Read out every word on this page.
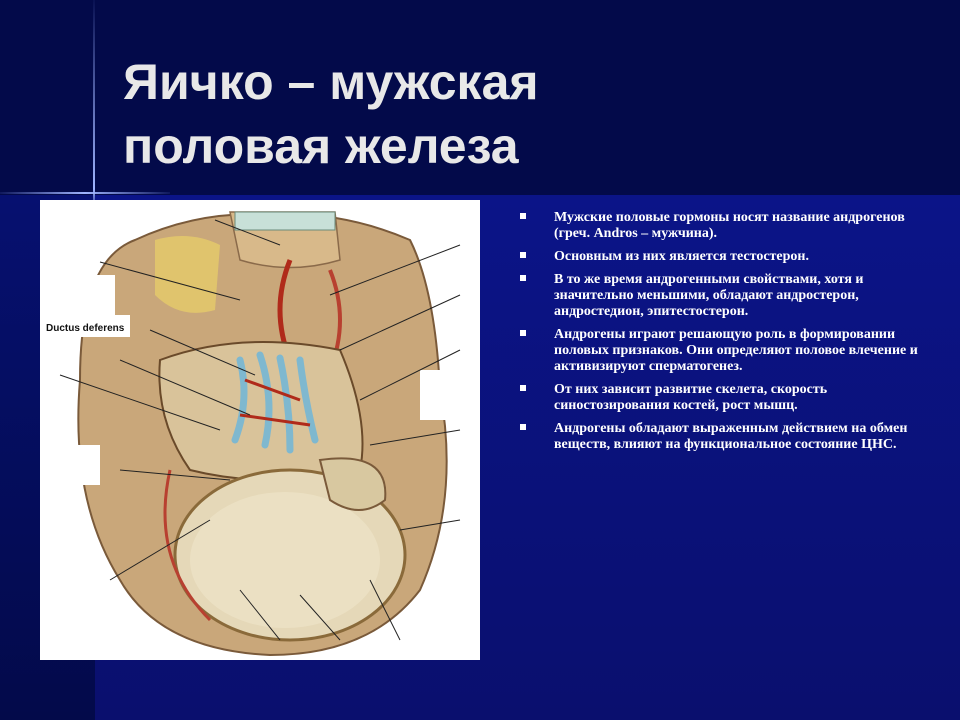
Яичко – мужская
половая железа
Ductus deferens
Мужские половые гормоны носят название андрогенов (греч. Andros – мужчина).
Основным из них является тестостерон.
В то же время андрогенными свойствами, хотя и значительно меньшими, обладают андростерон, андростедион, эпитестостерон.
Андрогены играют решающую роль в формировании половых признаков. Они определяют половое влечение и активизируют сперматогенез.
От них зависит развитие скелета, скорость синостозирования костей, рост мышц.
Андрогены обладают выраженным действием на обмен веществ, влияют на функциональное состояние ЦНС.
